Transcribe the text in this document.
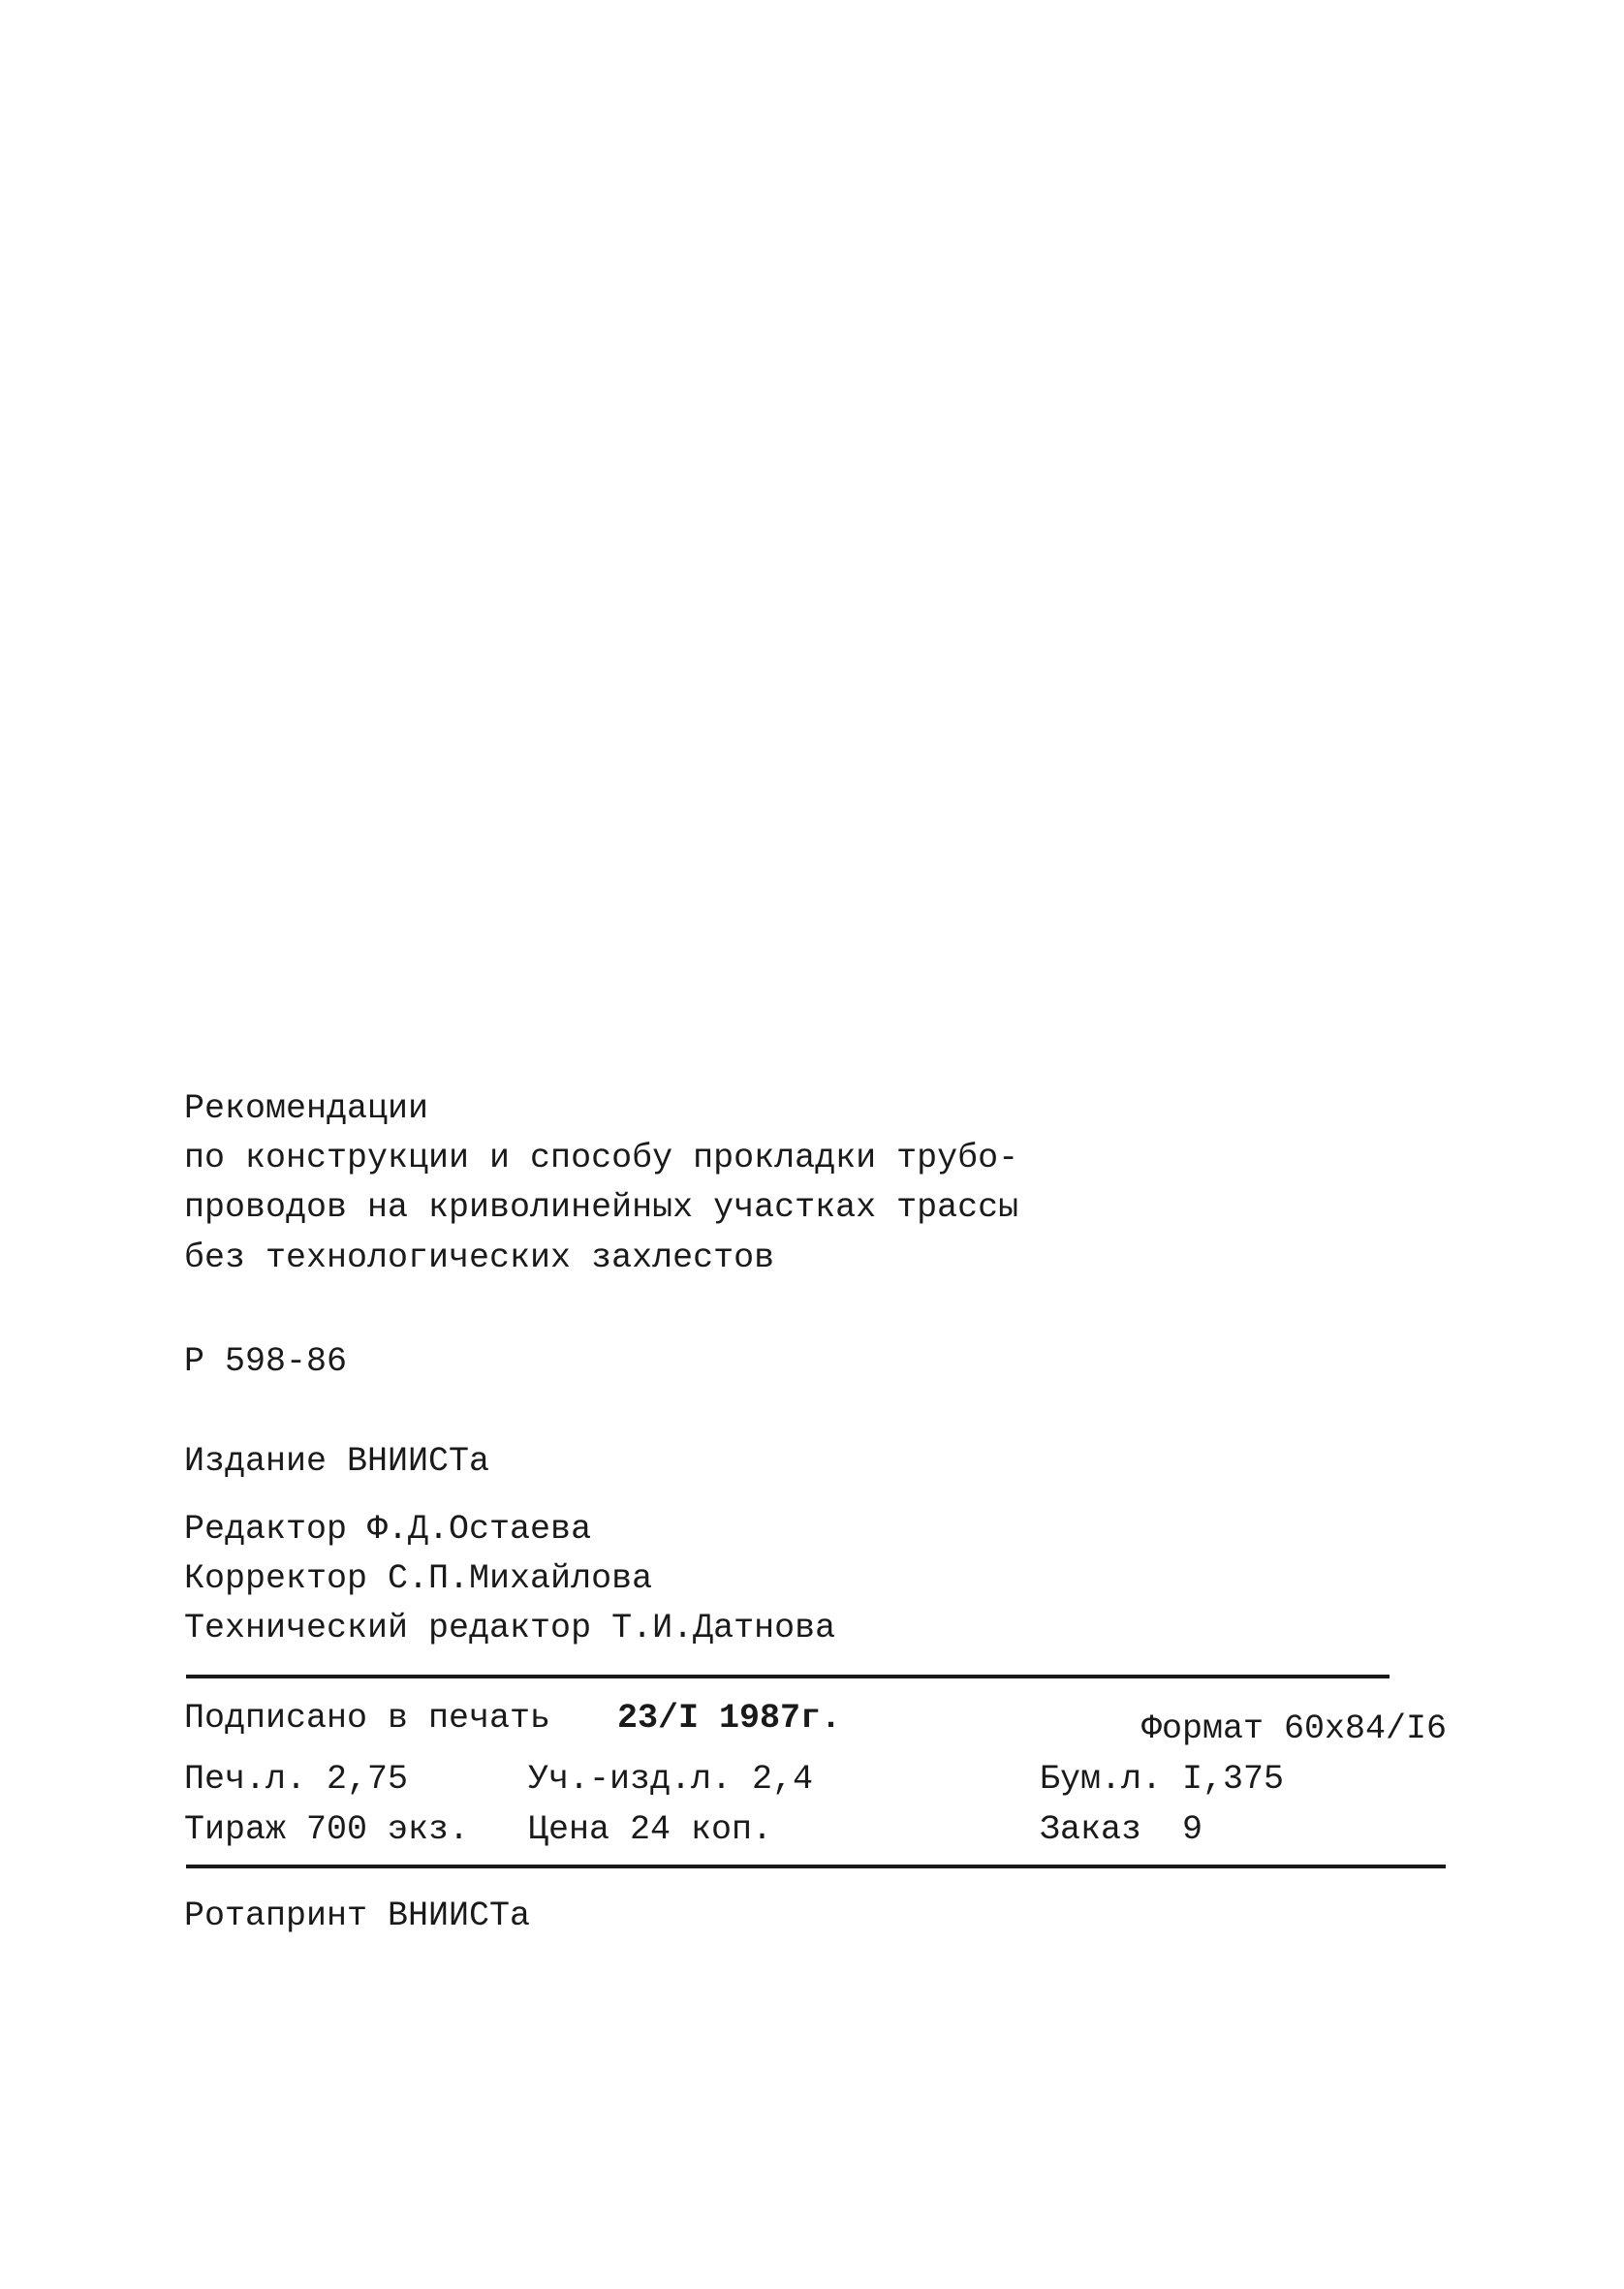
Рекомендации
по конструкции и способу прокладки трубо-
проводов на криволинейных участках трассы
без технологических захлестов
Р 598-86
Издание ВНИИСТа
Редактор Ф.Д.Остаева
Корректор С.П.Михайлова
Технический редактор Т.И.Датнова
Подписано в печать 23/I 1987г.	Формат 60х84/I6
Печ.л. 2,75	Уч.-изд.л. 2,4	Бум.л. I,375
Тираж 700 экз. Цена 24 коп.	Заказ  9
Ротапринт ВНИИСТа
